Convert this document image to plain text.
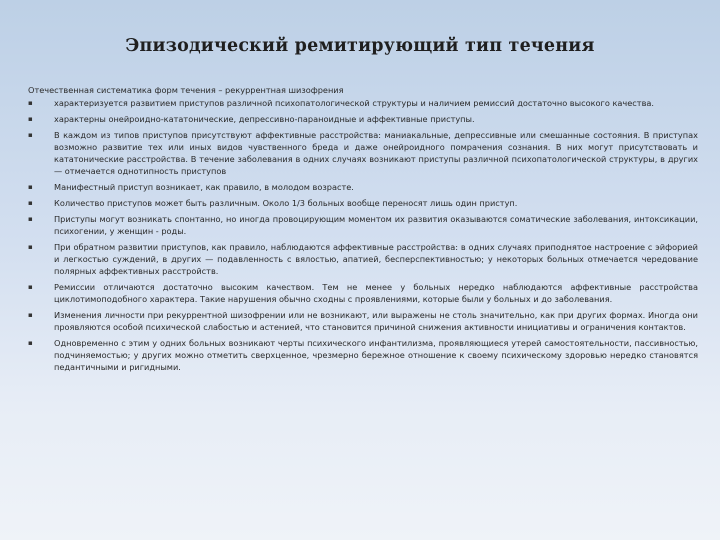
Эпизодический ремитирующий тип течения
Отечественная систематика форм течения – рекуррентная шизофрения
▪	характеризуется развитием приступов различной психопатологической структуры и наличием ремиссий достаточно высокого качества.
▪	характерны онейроидно-кататонические, депрессивно-параноидные и аффективные приступы.
▪	В каждом из типов приступов присутствуют аффективные расстройства: маниакальные, депрессивные или смешанные состояния. В приступах возможно развитие тех или иных видов чувственного бреда и даже онейроидного помрачения сознания. В них могут присутствовать и кататонические расстройства. В течение заболевания в одних случаях возникают приступы различной психопатологической структуры, в других — отмечается однотипность приступов
▪	Манифестный приступ возникает, как правило, в молодом возрасте.
▪	Количество приступов может быть различным. Около 1/3 больных вообще переносят лишь один приступ.
▪	Приступы могут возникать спонтанно, но иногда провоцирующим моментом их развития оказываются соматические заболевания, интоксикации, психогении, у женщин - роды.
▪	При обратном развитии приступов, как правило, наблюдаются аффективные расстройства: в одних случаях приподнятое настроение с эйфорией и легкостью суждений, в других — подавленность с вялостью, апатией, бесперспективностью; у некоторых больных отмечается чередование полярных аффективных расстройств.
▪	Ремиссии отличаются достаточно высоким качеством. Тем не менее у больных нередко наблюдаются аффективные расстройства циклотимоподобного характера. Такие нарушения обычно сходны с проявлениями, которые были у больных и до заболевания.
▪	Изменения личности при рекуррентной шизофрении или не возникают, или выражены не столь значительно, как при других формах. Иногда они проявляются особой психической слабостью и астенией, что становится причиной снижения активности инициативы и ограничения контактов.
▪	Одновременно с этим у одних больных возникают черты психического инфантилизма, проявляющиеся утерей самостоятельности, пассивностью, подчиняемостью; у других можно отметить сверхценное, чрезмерно бережное отношение к своему психическому здоровью нередко становятся педантичными и ригидными.
